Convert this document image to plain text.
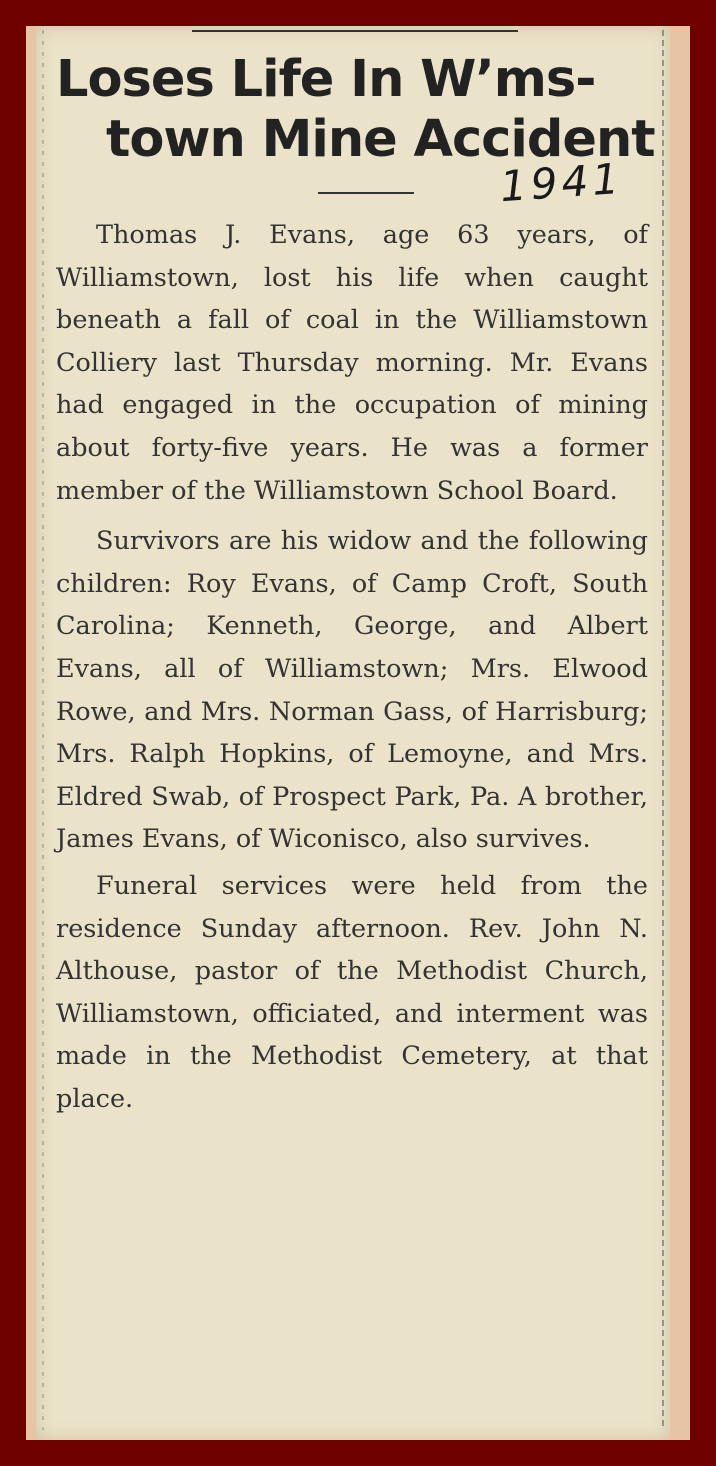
Loses Life In W’ms-
town Mine Accident
1941

Thomas J. Evans, age 63 years, of Williamstown, lost his life when caught beneath a fall of coal in the Williamstown Colliery last Thursday morning. Mr. Evans had engaged in the occupation of mining about forty-five years. He was a former member of the Williamstown School Board.

Survivors are his widow and the following children: Roy Evans, of Camp Croft, South Carolina; Kenneth, George, and Albert Evans, all of Williamstown; Mrs. Elwood Rowe, and Mrs. Norman Gass, of Harrisburg; Mrs. Ralph Hopkins, of Lemoyne, and Mrs. Eldred Swab, of Prospect Park, Pa. A brother, James Evans, of Wiconisco, also survives.

Funeral services were held from the residence Sunday afternoon. Rev. John N. Althouse, pastor of the Methodist Church, Williamstown, officiated, and interment was made in the Methodist Cemetery, at that place.
